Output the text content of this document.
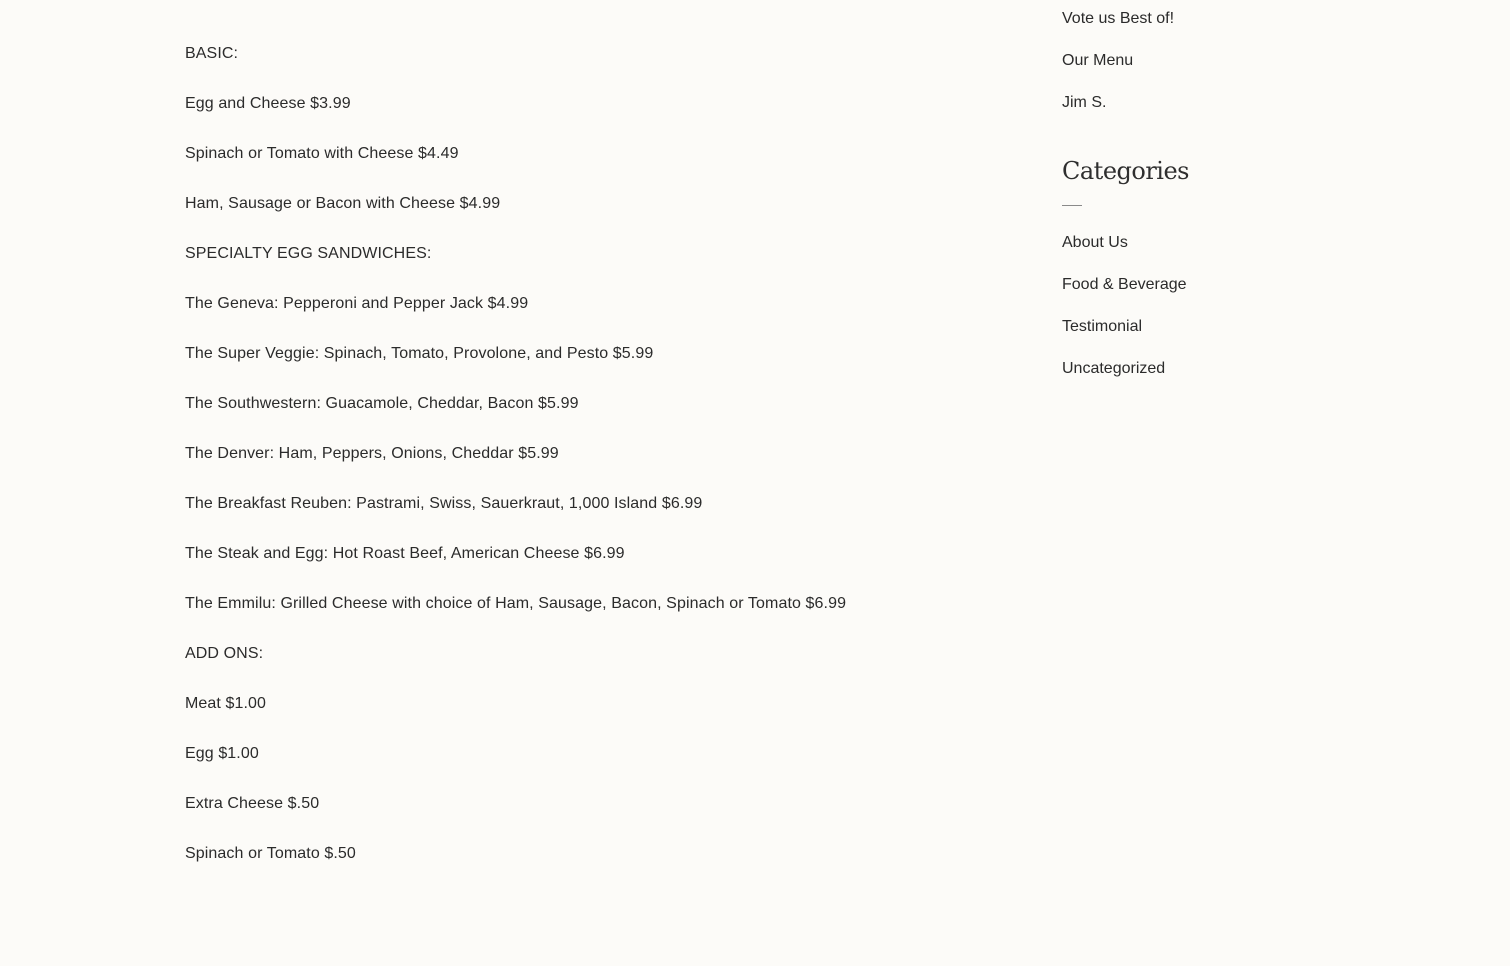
BASIC:

Egg and Cheese $3.99

Spinach or Tomato with Cheese $4.49

Ham, Sausage or Bacon with Cheese $4.99

SPECIALTY EGG SANDWICHES:

The Geneva: Pepperoni and Pepper Jack $4.99

The Super Veggie: Spinach, Tomato, Provolone, and Pesto $5.99

The Southwestern: Guacamole, Cheddar, Bacon $5.99

The Denver: Ham, Peppers, Onions, Cheddar $5.99

The Breakfast Reuben: Pastrami, Swiss, Sauerkraut, 1,000 Island $6.99

The Steak and Egg: Hot Roast Beef, American Cheese $6.99

The Emmilu: Grilled Cheese with choice of Ham, Sausage, Bacon, Spinach or Tomato $6.99

ADD ONS:

Meat $1.00

Egg $1.00

Extra Cheese $.50

Spinach or Tomato $.50

Vote us Best of!
Our Menu
Jim S.
Categories
About Us
Food & Beverage
Testimonial
Uncategorized
